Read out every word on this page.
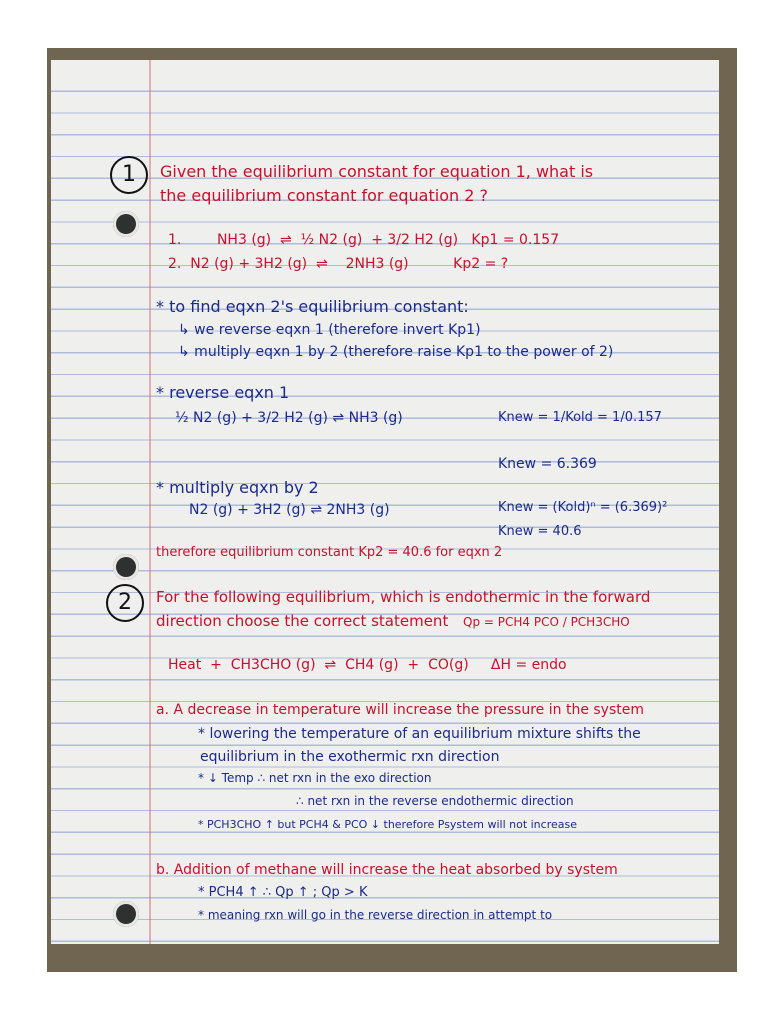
1	Given the equilibrium constant for equation 1, what is
the equilibrium constant for equation 2 ?
1.        NH3 (g)  ⇌  ½ N2 (g)  + 3/2 H2 (g)   Kp1 = 0.157
2.  N2 (g) + 3H2 (g)  ⇌    2NH3 (g)          Kp2 = ?
* to find eqxn 2's equilibrium constant:
↳ we reverse eqxn 1 (therefore invert Kp1)
↳ multiply eqxn 1 by 2 (therefore raise Kp1 to the power of 2)
* reverse eqxn 1
½ N2 (g) + 3/2 H2 (g) ⇌ NH3 (g)	Knew = 1/Kold = 1/0.157
Knew = 6.369
* multiply eqxn by 2
N2 (g) + 3H2 (g) ⇌ 2NH3 (g)	Knew = (Kold)ⁿ = (6.369)²
Knew = 40.6
therefore equilibrium constant Kp2 = 40.6 for eqxn 2
2	For the following equilibrium, which is endothermic in the forward
direction choose the correct statement Qp = PCH4 PCO / PCH3CHO
Heat  +  CH3CHO (g)  ⇌  CH4 (g)  +  CO(g)     ΔH = endo
a. A decrease in temperature will increase the pressure in the system
* lowering the temperature of an equilibrium mixture shifts the
equilibrium in the exothermic rxn direction
* ↓ Temp ∴ net rxn in the exo direction
∴ net rxn in the reverse endothermic direction
* PCH3CHO ↑ but PCH4 & PCO ↓ therefore Psystem will not increase
b. Addition of methane will increase the heat absorbed by system
* PCH4 ↑ ∴ Qp ↑ ; Qp > K
* meaning rxn will go in the reverse direction in attempt to
